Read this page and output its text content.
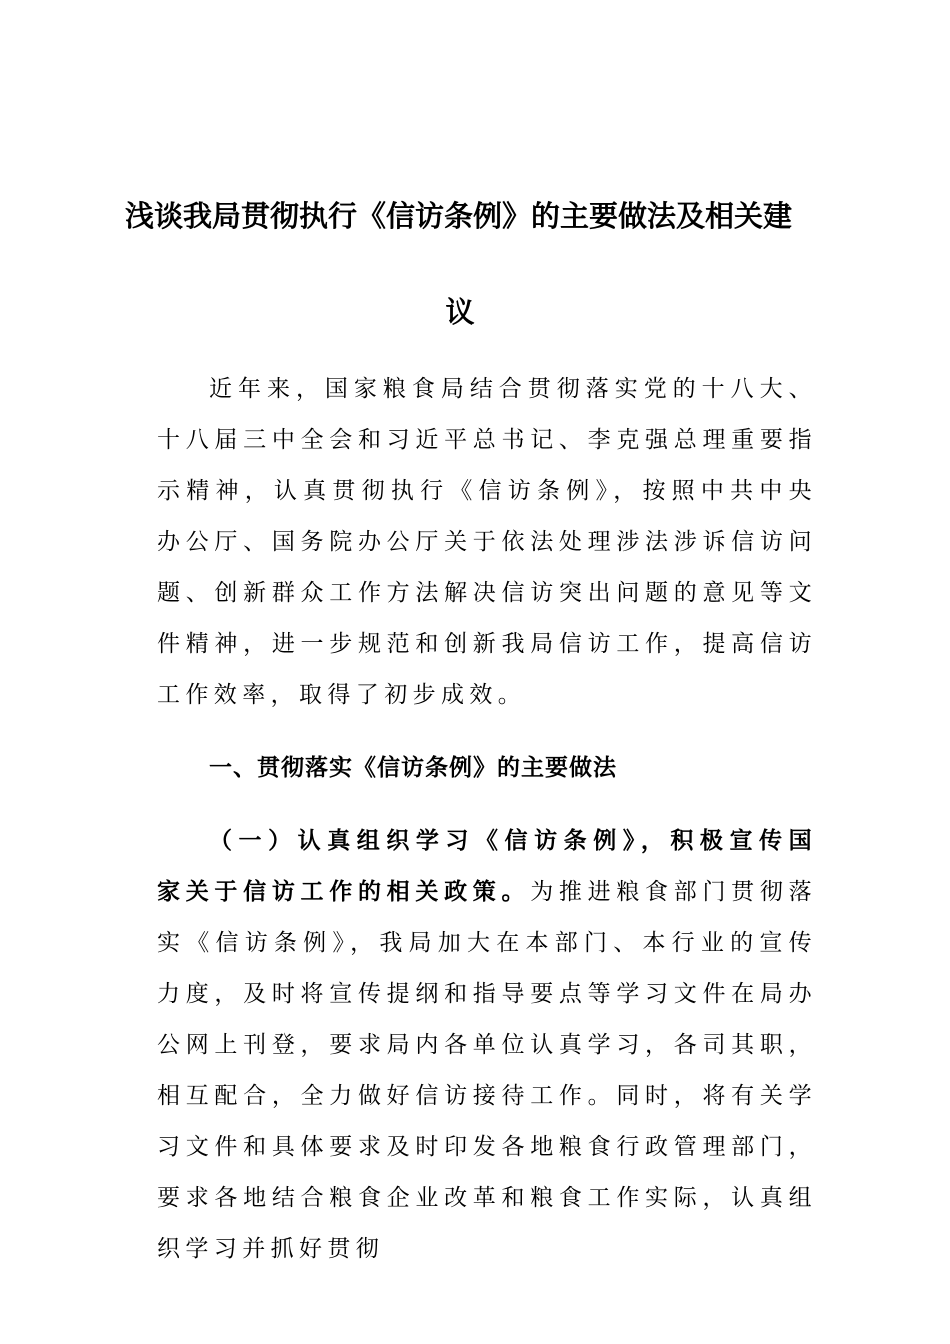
浅谈我局贯彻执行《信访条例》的主要做法及相关建
议

近年来，国家粮食局结合贯彻落实党的十八大、十八届三中全会和习近平总书记、李克强总理重要指示精神，认真贯彻执行《信访条例》，按照中共中央办公厅、国务院办公厅关于依法处理涉法涉诉信访问题、创新群众工作方法解决信访突出问题的意见等文件精神，进一步规范和创新我局信访工作，提高信访工作效率，取得了初步成效。

一、贯彻落实《信访条例》的主要做法

（一）认真组织学习《信访条例》，积极宣传国家关于信访工作的相关政策。为推进粮食部门贯彻落实《信访条例》，我局加大在本部门、本行业的宣传力度，及时将宣传提纲和指导要点等学习文件在局办公网上刊登，要求局内各单位认真学习，各司其职，相互配合，全力做好信访接待工作。同时，将有关学习文件和具体要求及时印发各地粮食行政管理部门，要求各地结合粮食企业改革和粮食工作实际，认真组织学习并抓好贯彻
